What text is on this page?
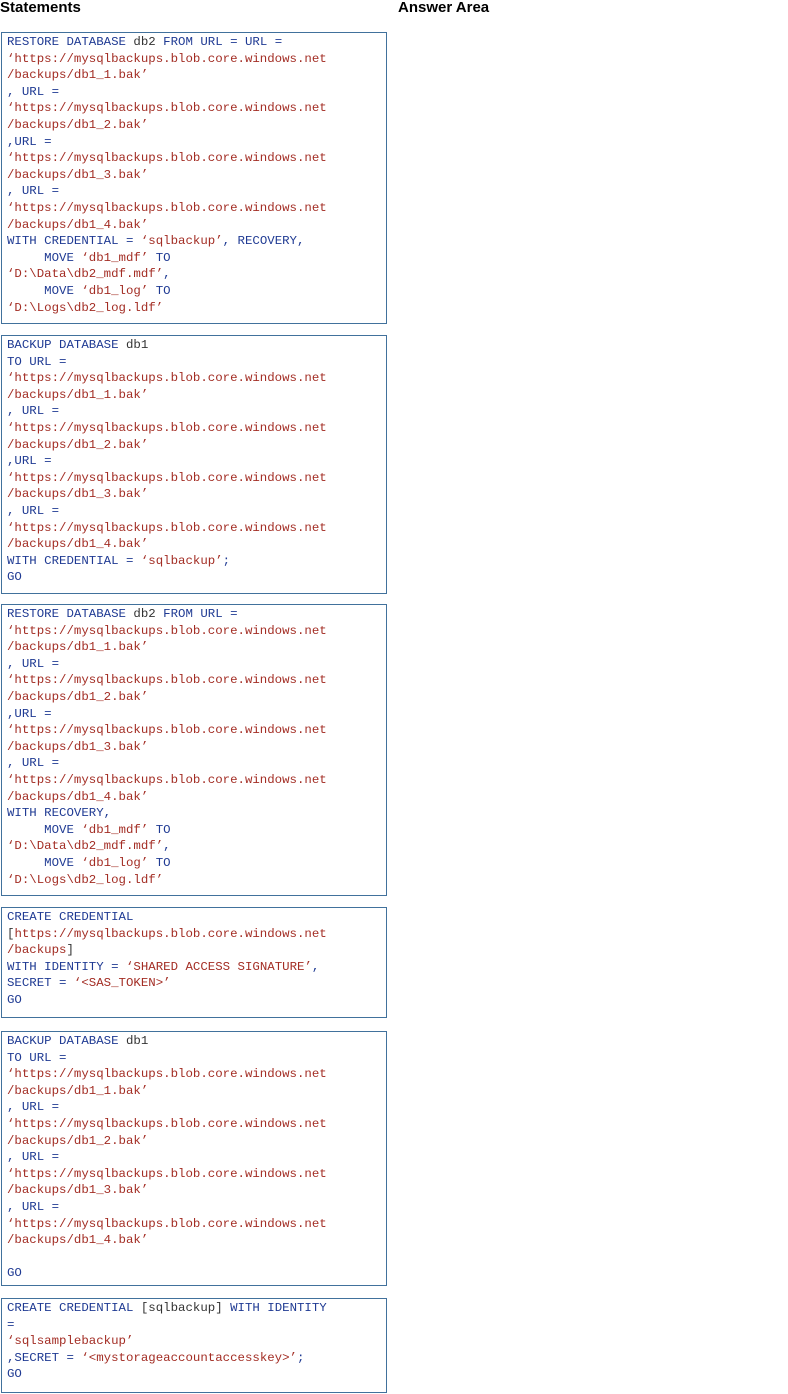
Statements	Answer Area
RESTORE DATABASE db2 FROM URL = URL =
‘https://mysqlbackups.blob.core.windows.net
/backups/db1_1.bak’
, URL =
‘https://mysqlbackups.blob.core.windows.net
/backups/db1_2.bak’
,URL =
‘https://mysqlbackups.blob.core.windows.net
/backups/db1_3.bak’
, URL =
‘https://mysqlbackups.blob.core.windows.net
/backups/db1_4.bak’
WITH CREDENTIAL = ‘sqlbackup’, RECOVERY,
MOVE ‘db1_mdf’ TO
‘D:\Data\db2_mdf.mdf’,
MOVE ‘db1_log’ TO
‘D:\Logs\db2_log.ldf’
BACKUP DATABASE db1
TO URL =
‘https://mysqlbackups.blob.core.windows.net
/backups/db1_1.bak’
, URL =
‘https://mysqlbackups.blob.core.windows.net
/backups/db1_2.bak’
,URL =
‘https://mysqlbackups.blob.core.windows.net
/backups/db1_3.bak’
, URL =
‘https://mysqlbackups.blob.core.windows.net
/backups/db1_4.bak’
WITH CREDENTIAL = ‘sqlbackup’;
GO
RESTORE DATABASE db2 FROM URL =
‘https://mysqlbackups.blob.core.windows.net
/backups/db1_1.bak’
, URL =
‘https://mysqlbackups.blob.core.windows.net
/backups/db1_2.bak’
,URL =
‘https://mysqlbackups.blob.core.windows.net
/backups/db1_3.bak’
, URL =
‘https://mysqlbackups.blob.core.windows.net
/backups/db1_4.bak’
WITH RECOVERY,
MOVE ‘db1_mdf’ TO
‘D:\Data\db2_mdf.mdf’,
MOVE ‘db1_log’ TO
‘D:\Logs\db2_log.ldf’
CREATE CREDENTIAL
[https://mysqlbackups.blob.core.windows.net
/backups]
WITH IDENTITY = ‘SHARED ACCESS SIGNATURE’,
SECRET = ‘<SAS_TOKEN>’
GO
BACKUP DATABASE db1
TO URL =
‘https://mysqlbackups.blob.core.windows.net
/backups/db1_1.bak’
, URL =
‘https://mysqlbackups.blob.core.windows.net
/backups/db1_2.bak’
, URL =
‘https://mysqlbackups.blob.core.windows.net
/backups/db1_3.bak’
, URL =
‘https://mysqlbackups.blob.core.windows.net
/backups/db1_4.bak’
GO
CREATE CREDENTIAL [sqlbackup] WITH IDENTITY
=
‘sqlsamplebackup’
,SECRET = ‘<mystorageaccountaccesskey>’;
GO
